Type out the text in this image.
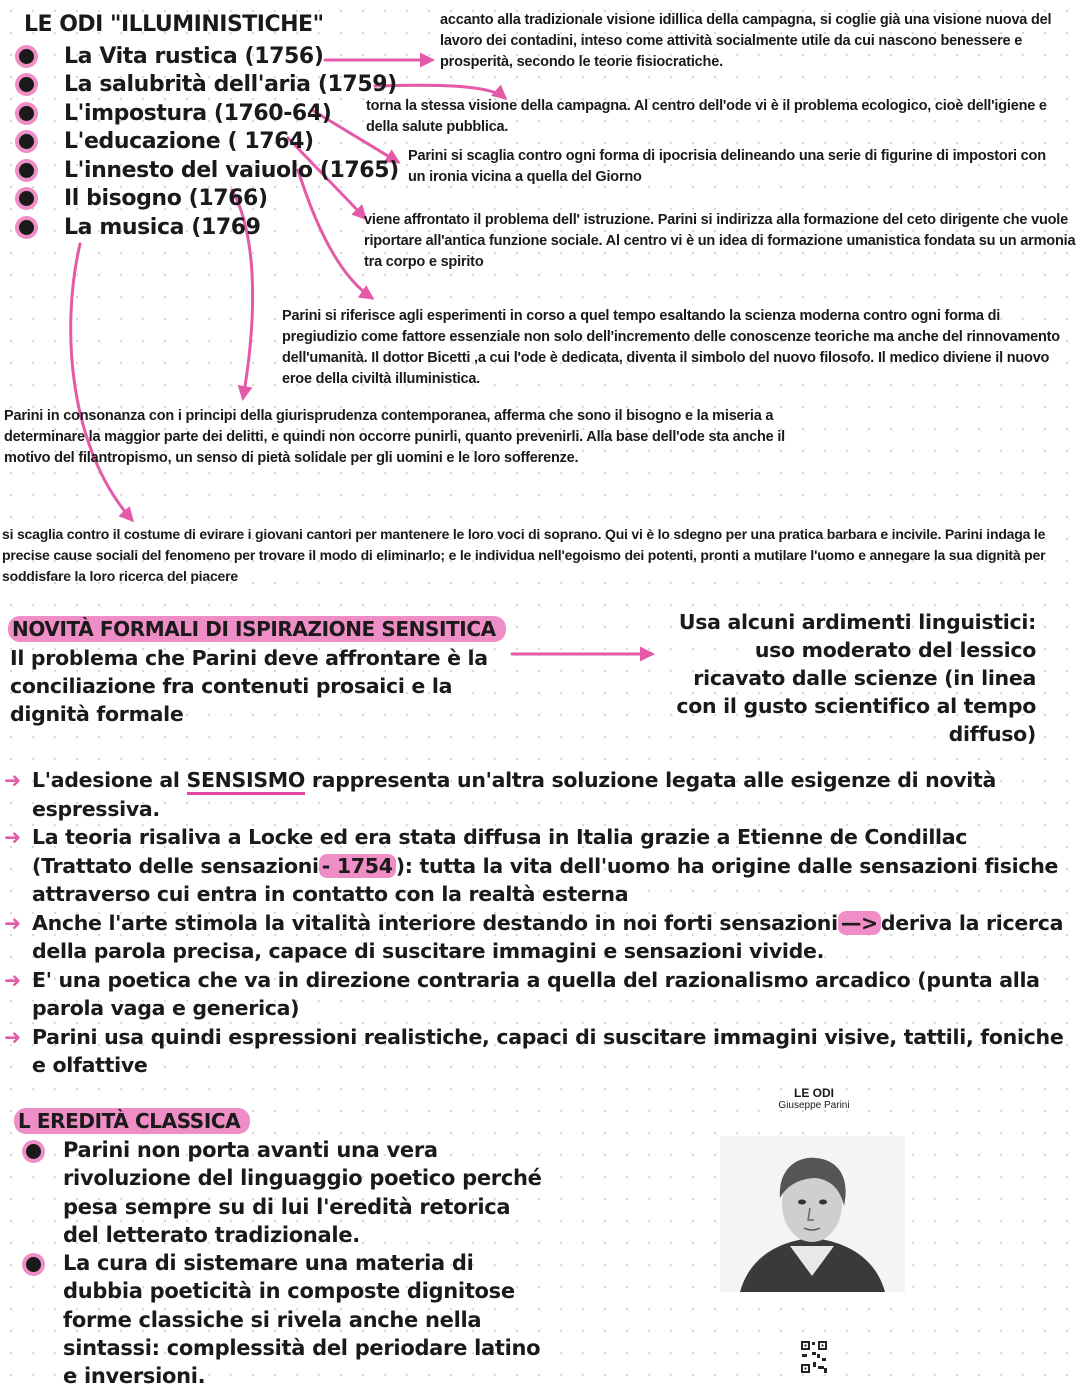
LE ODI "ILLUMINISTICHE"
La Vita rustica (1756)
La salubrità dell'aria (1759)
L'impostura (1760-64)
L'educazione ( 1764)
L'innesto del vaiuolo (1765)
Il bisogno (1766)
La musica (1769

accanto alla tradizionale visione idillica della campagna, si coglie già una visione nuova del lavoro dei contadini, inteso come attività socialmente utile da cui nascono benessere e prosperità, secondo le teorie fisiocratiche.

torna la stessa visione della campagna. Al centro dell'ode vi è il problema ecologico, cioè dell'igiene e della salute pubblica.

Parini si scaglia contro ogni forma di ipocrisia delineando una serie di figurine di impostori con un ironia vicina a quella del Giorno

viene affrontato il problema dell' istruzione. Parini si indirizza alla formazione del ceto dirigente che vuole riportare all'antica funzione sociale. Al centro vi è un idea di formazione umanistica fondata su un armonia tra corpo e spirito

Parini si riferisce agli esperimenti in corso a quel tempo esaltando la scienza moderna contro ogni forma di pregiudizio come fattore essenziale non solo dell'incremento delle conoscenze teoriche ma anche del rinnovamento dell'umanità. Il dottor Bicetti ,a cui l'ode è dedicata, diventa il simbolo del nuovo filosofo. Il medico diviene il nuovo eroe della civiltà illuministica.

Parini in consonanza con i principi della giurisprudenza contemporanea, afferma che sono il bisogno e la miseria a determinare la maggior parte dei delitti, e quindi non occorre punirli, quanto prevenirli. Alla base dell'ode sta anche il motivo del filantropismo, un senso di pietà solidale per gli uomini e le loro sofferenze.

si scaglia contro il costume di evirare i giovani cantori per mantenere le loro voci di soprano. Qui vi è lo sdegno per una pratica barbara e incivile. Parini indaga le precise cause sociali del fenomeno per trovare il modo di eliminarlo; e le individua nell'egoismo dei potenti, pronti a mutilare l'uomo e annegare la sua dignità per soddisfare la loro ricerca del piacere

NOVITÀ FORMALI DI ISPIRAZIONE SENSITICA

Il problema che Parini deve affrontare è la conciliazione fra contenuti prosaici e la dignità formale

Usa alcuni ardimenti linguistici: uso moderato del lessico ricavato dalle scienze (in linea con il gusto scientifico al tempo diffuso)

➜ L'adesione al SENSISMO rappresenta un'altra soluzione legata alle esigenze di novità espressiva.
➜ La teoria risaliva a Locke ed era stata diffusa in Italia grazie a Etienne de Condillac (Trattato delle sensazioni - 1754 ): tutta la vita dell'uomo ha origine dalle sensazioni fisiche attraverso cui entra in contatto con la realtà esterna
➜ Anche l'arte stimola la vitalità interiore destando in noi forti sensazioni —> deriva la ricerca della parola precisa, capace di suscitare immagini e sensazioni vivide.
➜ E' una poetica che va in direzione contraria a quella del razionalismo arcadico (punta alla parola vaga e generica)
➜ Parini usa quindi espressioni realistiche, capaci di suscitare immagini visive, tattili, foniche e olfattive
L EREDITÀ CLASSICA
Parini non porta avanti una vera rivoluzione del linguaggio poetico perché pesa sempre su di lui l'eredità retorica del letterato tradizionale.
La cura di sistemare una materia di dubbia poeticità in composte dignitose forme classiche si rivela anche nella sintassi: complessità del periodare latino e inversioni.
LE ODI
Giuseppe Parini
